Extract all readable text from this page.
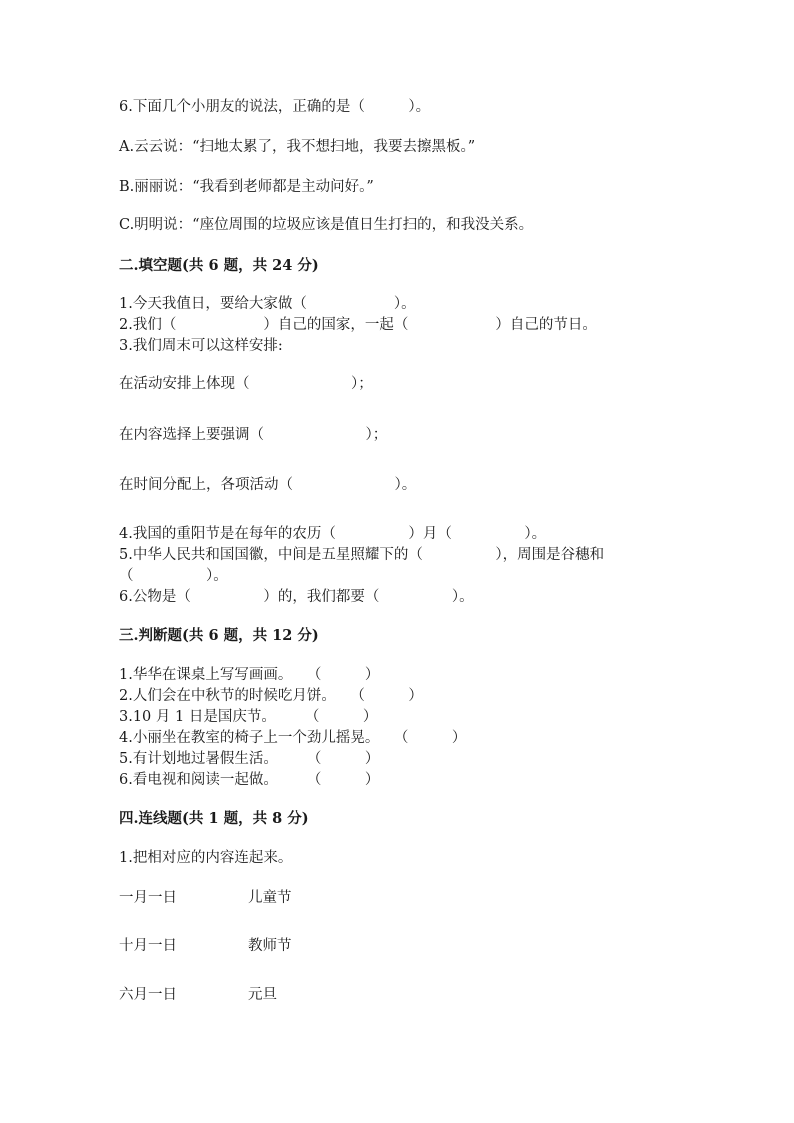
6.下面几个小朋友的说法，正确的是（　　　）。
A.云云说：“扫地太累了，我不想扫地，我要去擦黑板。”
B.丽丽说：“我看到老师都是主动问好。”
C.明明说：“座位周围的垃圾应该是值日生打扫的，和我没关系。
二.填空题(共 6 题，共 24 分)
1.今天我值日，要给大家做（　　　　　　）。
2.我们（　　　　　　）自己的国家，一起（　　　　　　）自己的节日。
3.我们周末可以这样安排:
在活动安排上体现（　　　　　　　）；
在内容选择上要强调（　　　　　　　）；
在时间分配上，各项活动（　　　　　　　）。
4.我国的重阳节是在每年的农历（　　　　　）月（　　　　　）。
5.中华人民共和国国徽，中间是五星照耀下的（　　　　　），周围是谷穗和
（　　　　　）。
6.公物是（　　　　　）的，我们都要（　　　　　）。
三.判断题(共 6 题，共 12 分)
1.华华在课桌上写写画画。　　（　　　）
2.人们会在中秋节的时候吃月饼。　　（　　　）
3.10 月 1 日是国庆节。　　　（　　　）
4.小丽坐在教室的椅子上一个劲儿摇晃。　　（　　　）
5.有计划地过暑假生活。　　　（　　　）
6.看电视和阅读一起做。　　　（　　　）
四.连线题(共 1 题，共 8 分)
1.把相对应的内容连起来。
一月一日	儿童节
十月一日	教师节
六月一日	元旦
